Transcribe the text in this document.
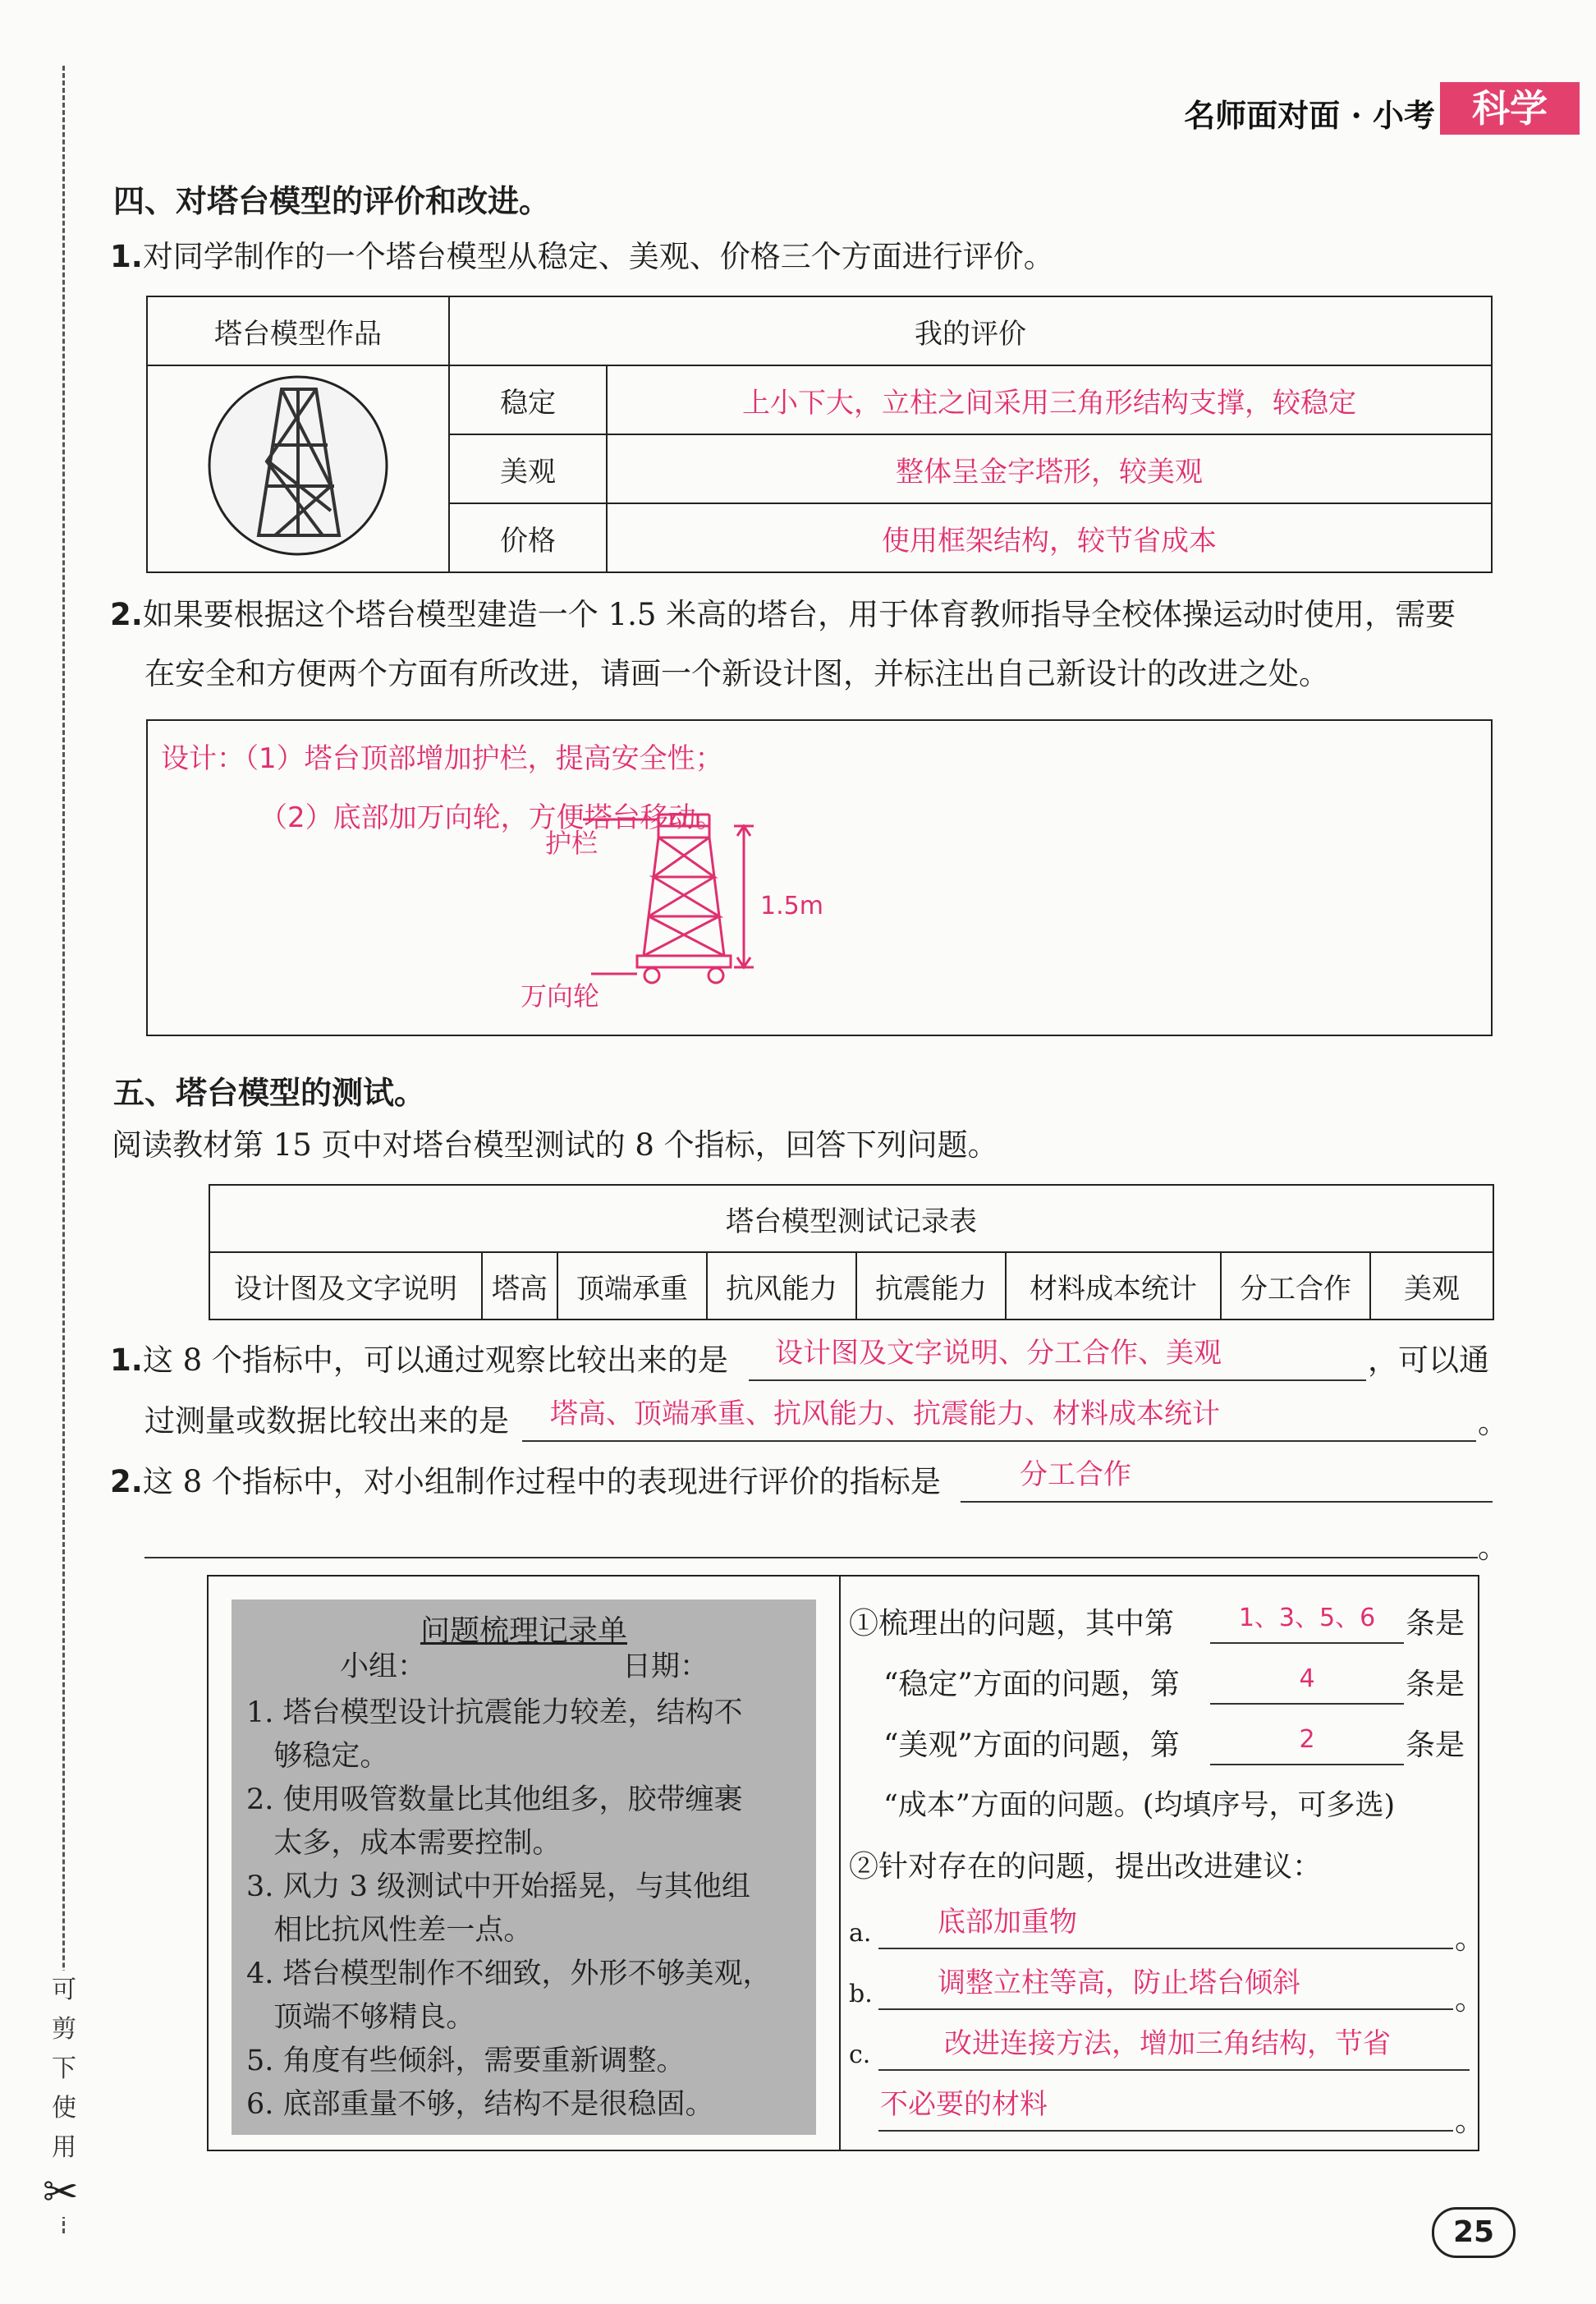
可
剪
下
使
用
✂
名师面对面 · 小考 科学
四、对塔台模型的评价和改进。
1.对同学制作的一个塔台模型从稳定、美观、价格三个方面进行评价。
塔台模型作品	我的评价	
	稳定	上小下大，立柱之间采用三角形结构支撑，较稳定
	美观	整体呈金字塔形，较美观
	价格	使用框架结构，较节省成本
2.如果要根据这个塔台模型建造一个 1.5 米高的塔台，用于体育教师指导全校体操运动时使用，需要
在安全和方便两个方面有所改进，请画一个新设计图，并标注出自己新设计的改进之处。
设计：（1）塔台顶部增加护栏，提高安全性；
（2）底部加万向轮，方便塔台移动。
护栏
万向轮
1.5m
五、塔台模型的测试。
阅读教材第 15 页中对塔台模型测试的 8 个指标，回答下列问题。
塔台模型测试记录表
设计图及文字说明	塔高	顶端承重	抗风能力	抗震能力	材料成本统计	分工合作	美观
1.这 8 个指标中，可以通过观察比较出来的是	设计图及文字说明、分工合作、美观	，可以通
过测量或数据比较出来的是	塔高、顶端承重、抗风能力、抗震能力、材料成本统计	。
2.这 8 个指标中，对小组制作过程中的表现进行评价的指标是	分工合作
。
问题梳理记录单
小组：	日期：
1. 塔台模型设计抗震能力较差，结构不
够稳定。
2. 使用吸管数量比其他组多，胶带缠裹
太多，成本需要控制。
3. 风力 3 级测试中开始摇晃，与其他组
相比抗风性差一点。
4. 塔台模型制作不细致，外形不够美观，
顶端不够精良。
5. 角度有些倾斜，需要重新调整。
6. 底部重量不够，结构不是很稳固。
①梳理出的问题，其中第	1、3、5、6	条是
“稳定”方面的问题，第	4	条是
“美观”方面的问题，第	2	条是
“成本”方面的问题。(均填序号，可多选)
②针对存在的问题，提出改进建议：
a.	底部加重物	。
b.	调整立柱等高，防止塔台倾斜	。
c.	改进连接方法，增加三角结构，节省
不必要的材料	。
25
